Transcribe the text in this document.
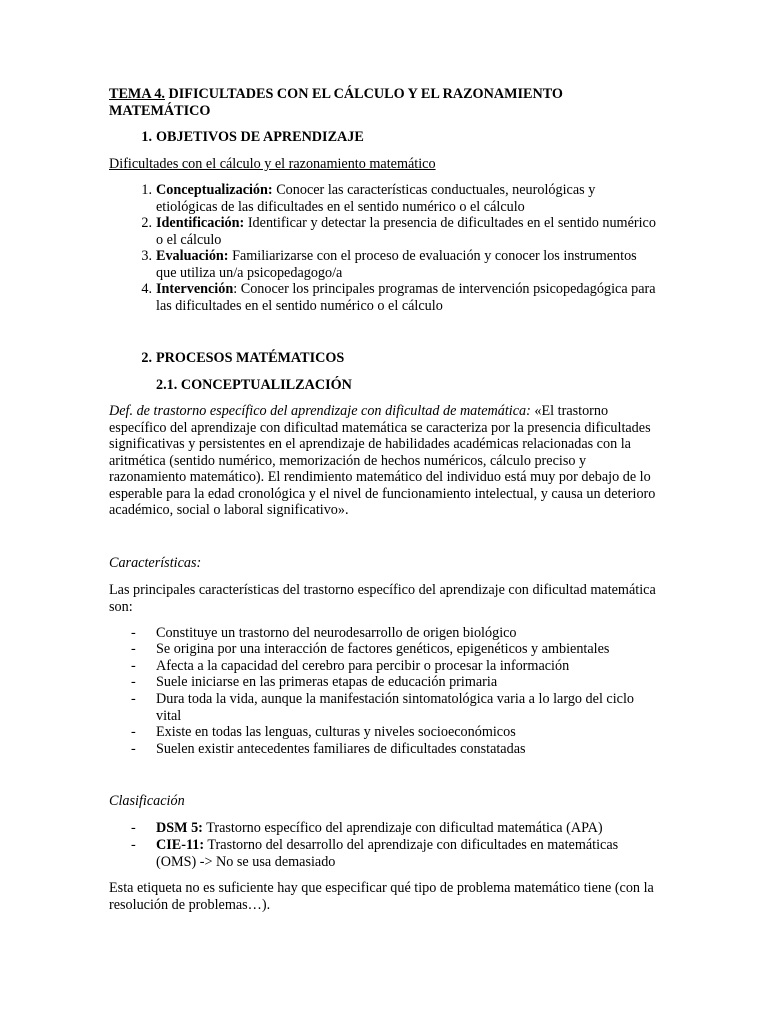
TEMA 4. DIFICULTADES CON EL CÁLCULO Y EL RAZONAMIENTO MATEMÁTICO
1. OBJETIVOS DE APRENDIZAJE
Dificultades con el cálculo y el razonamiento matemático
1. Conceptualización: Conocer las características conductuales, neurológicas y etiológicas de las dificultades en el sentido numérico o el cálculo
2. Identificación: Identificar y detectar la presencia de dificultades en el sentido numérico o el cálculo
3. Evaluación: Familiarizarse con el proceso de evaluación y conocer los instrumentos que utiliza un/a psicopedagogo/a
4. Intervención: Conocer los principales programas de intervención psicopedagógica para las dificultades en el sentido numérico o el cálculo
2. PROCESOS MATÉMATICOS
2.1. CONCEPTUALILZACIÓN
Def. de trastorno específico del aprendizaje con dificultad de matemática: «El trastorno específico del aprendizaje con dificultad matemática se caracteriza por la presencia dificultades significativas y persistentes en el aprendizaje de habilidades académicas relacionadas con la aritmética (sentido numérico, memorización de hechos numéricos, cálculo preciso y razonamiento matemático). El rendimiento matemático del individuo está muy por debajo de lo esperable para la edad cronológica y el nivel de funcionamiento intelectual, y causa un deterioro académico, social o laboral significativo».
Características:
Las principales características del trastorno específico del aprendizaje con dificultad matemática son:
- Constituye un trastorno del neurodesarrollo de origen biológico
- Se origina por una interacción de factores genéticos, epigenéticos y ambientales
- Afecta a la capacidad del cerebro para percibir o procesar la información
- Suele iniciarse en las primeras etapas de educación primaria
- Dura toda la vida, aunque la manifestación sintomatológica varia a lo largo del ciclo vital
- Existe en todas las lenguas, culturas y niveles socioeconómicos
- Suelen existir antecedentes familiares de dificultades constatadas
Clasificación
- DSM 5: Trastorno específico del aprendizaje con dificultad matemática (APA)
- CIE-11: Trastorno del desarrollo del aprendizaje con dificultades en matemáticas (OMS) -> No se usa demasiado
Esta etiqueta no es suficiente hay que especificar qué tipo de problema matemático tiene (con la resolución de problemas…).
